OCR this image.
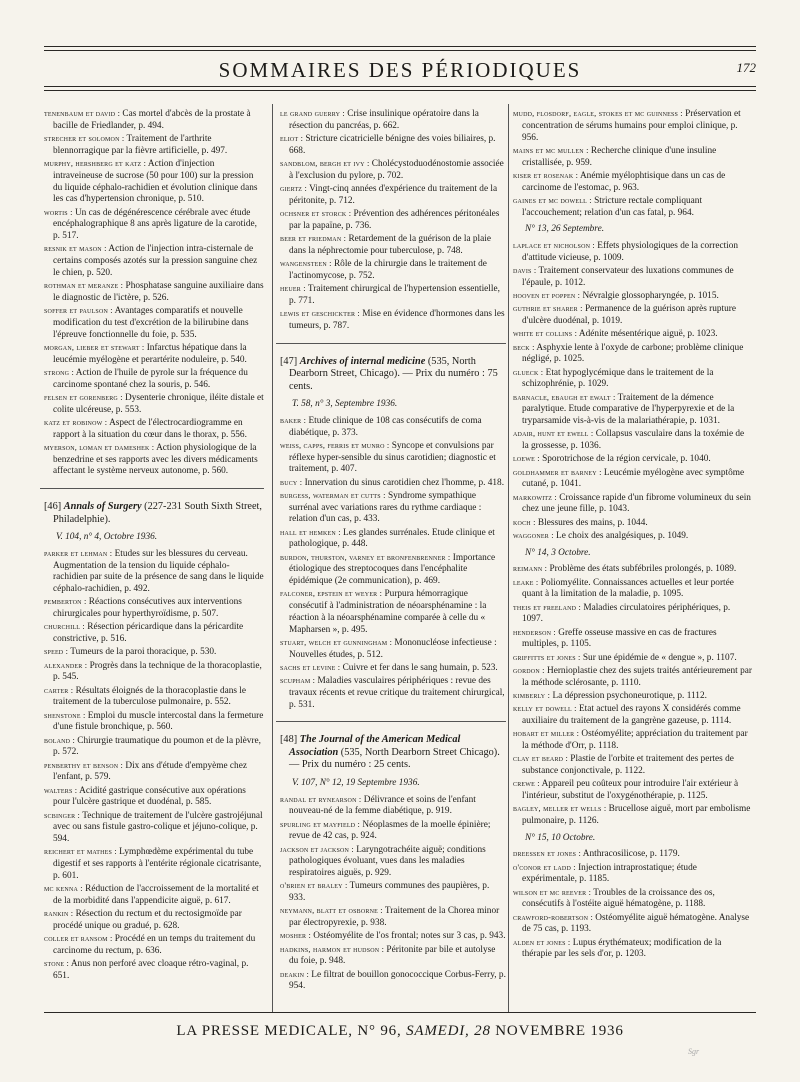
SOMMAIRES DES PÉRIODIQUES	172
tenenbaum et david : Cas mortel d'abcès de la prostate à bacille de Friedlander, p. 494.
strecher et solomon : Traitement de l'arthrite blennorragique par la fièvre artificielle, p. 497.
murphy, hershberg et katz : Action d'injection intraveineuse de sucrose (50 pour 100) sur la pression du liquide céphalo-rachidien et évolution clinique dans les cas d'hypertension chronique, p. 510.
wortis : Un cas de dégénérescence cérébrale avec étude encéphalographique 8 ans après ligature de la carotide, p. 517.
resnik et mason : Action de l'injection intra-cisternale de certains composés azotés sur la pression sanguine chez le chien, p. 520.
rothman et meranze : Phosphatase sanguine auxiliaire dans le diagnostic de l'ictère, p. 526.
soffer et paulson : Avantages comparatifs et nouvelle modification du test d'excrétion de la bilirubine dans l'épreuve fonctionnelle du foie, p. 535.
morgan, lieber et stewart : Infarctus hépatique dans la leucémie myélogène et perartérite noduleire, p. 540.
strong : Action de l'huile de pyrole sur la fréquence du carcinome spontané chez la souris, p. 546.
felsen et gorenberg : Dysenterie chronique, iléite distale et colite ulcéreuse, p. 553.
katz et robinow : Aspect de l'électrocardiogramme en rapport à la situation du cœur dans le thorax, p. 556.
myerson, loman et dameshek : Action physiologique de la benzedrine et ses rapports avec les divers médicaments affectant le système nerveux autonome, p. 560.
[46] Annals of Surgery (227-231 South Sixth Street, Philadelphie).
V. 104, n° 4, Octobre 1936.
parker et lehman : Etudes sur les blessures du cerveau. Augmentation de la tension du liquide céphalo-rachidien par suite de la présence de sang dans le liquide céphalo-rachidien, p. 492.
pemberton : Réactions consécutives aux interventions chirurgicales pour hyperthyroïdisme, p. 507.
churchill : Résection péricardique dans la péricardite constrictive, p. 516.
speed : Tumeurs de la paroi thoracique, p. 530.
alexander : Progrès dans la technique de la thoracoplastie, p. 545.
carter : Résultats éloignés de la thoracoplastie dans le traitement de la tuberculose pulmonaire, p. 552.
shenstone : Emploi du muscle intercostal dans la fermeture d'une fistule bronchique, p. 560.
boland : Chirurgie traumatique du poumon et de la plèvre, p. 572.
penberthy et benson : Dix ans d'étude d'empyème chez l'enfant, p. 579.
walters : Acidité gastrique consécutive aux opérations pour l'ulcère gastrique et duodénal, p. 585.
scbinger : Technique de traitement de l'ulcère gastrojéjunal avec ou sans fistule gastro-colique et jéjuno-colique, p. 594.
reichert et mathes : Lymphœdème expérimental du tube digestif et ses rapports à l'entérite régionale cicatrisante, p. 601.
mc kenna : Réduction de l'accroissement de la mortalité et de la morbidité dans l'appendicite aiguë, p. 617.
rankin : Résection du rectum et du rectosigmoïde par procédé unique ou gradué, p. 628.
coller et ransom : Procédé en un temps du traitement du carcinome du rectum, p. 636.
stone : Anus non perforé avec cloaque rétro-vaginal, p. 651.
le grand guerry : Crise insulinique opératoire dans la résection du pancréas, p. 662.
eliot : Stricture cicatricielle bénigne des voies biliaires, p. 668.
sandblom, bergh et ivy : Cholécystoduodénostomie associée à l'exclusion du pylore, p. 702.
giertz : Vingt-cinq années d'expérience du traitement de la péritonite, p. 712.
ochsner et storck : Prévention des adhérences péritonéales par la papaïne, p. 736.
beer et friedman : Retardement de la guérison de la plaie dans la néphrectomie pour tuberculose, p. 748.
wangensteen : Rôle de la chirurgie dans le traitement de l'actinomycose, p. 752.
heuer : Traitement chirurgical de l'hypertension essentielle, p. 771.
lewis et geschickter : Mise en évidence d'hormones dans les tumeurs, p. 787.
[47] Archives of internal medicine (535, North Dearborn Street, Chicago). — Prix du numéro : 75 cents.
T. 58, n° 3, Septembre 1936.
baker : Etude clinique de 108 cas consécutifs de coma diabétique, p. 373.
weiss, capps, ferris et munro : Syncope et convulsions par réflexe hyper-sensible du sinus carotidien; diagnostic et traitement, p. 407.
bucy : Innervation du sinus carotidien chez l'homme, p. 418.
burgess, waterman et cutts : Syndrome sympathique surrénal avec variations rares du rythme cardiaque : relation d'un cas, p. 433.
hall et hemken : Les glandes surrénales. Etude clinique et pathologique, p. 448.
burdon, thurston, varney et bronfenbrenner : Importance étiologique des streptocoques dans l'encéphalite épidémique (2e communication), p. 469.
falconer, epstein et weyer : Purpura hémorragique consécutif à l'administration de néoarsphénamine : la réaction à la néoarsphénamine comparée à celle du « Mapharsen », p. 495.
stuart, welch et gunningham : Mononucléose infectieuse : Nouvelles études, p. 512.
sachs et levine : Cuivre et fer dans le sang humain, p. 523.
scupham : Maladies vasculaires périphériques : revue des travaux récents et revue critique du traitement chirurgical, p. 531.
[48] The Journal of the American Medical Association (535, North Dearborn Street Chicago). — Prix du numéro : 25 cents.
V. 107, N° 12, 19 Septembre 1936.
randal et rynearson : Délivrance et soins de l'enfant nouveau-né de la femme diabétique, p. 919.
spurling et mayfield : Néoplasmes de la moelle épinière; revue de 42 cas, p. 924.
jackson et jackson : Laryngotrachéite aiguë; conditions pathologiques évoluant, vues dans les maladies respiratoires aiguës, p. 929.
o'brien et braley : Tumeurs communes des paupières, p. 933.
neymann, blatt et osborne : Traitement de la Chorea minor par électropyrexie, p. 938.
mosher : Ostéomyélite de l'os frontal; notes sur 3 cas, p. 943.
hadkins, harmon et hudson : Péritonite par bile et autolyse du foie, p. 948.
deakin : Le filtrat de bouillon gonococcique Corbus-Ferry, p. 954.
mudd, flosdorf, eagle, stokes et mc guinness : Préservation et concentration de sérums humains pour emploi clinique, p. 956.
mains et mc mullen : Recherche clinique d'une insuline cristallisée, p. 959.
kiser et rosenak : Anémie myélophtisique dans un cas de carcinome de l'estomac, p. 963.
gaines et mc dowell : Stricture rectale compliquant l'accouchement; relation d'un cas fatal, p. 964.
N° 13, 26 Septembre.
laplace et nicholson : Effets physiologiques de la correction d'attitude vicieuse, p. 1009.
davis : Traitement conservateur des luxations communes de l'épaule, p. 1012.
hooven et poppen : Névralgie glossopharyngée, p. 1015.
guthrie et sharer : Permanence de la guérison après rupture d'ulcère duodénal, p. 1019.
white et collins : Adénite mésentérique aiguë, p. 1023.
beck : Asphyxie lente à l'oxyde de carbone; problème clinique négligé, p. 1025.
glueck : Etat hypoglycémique dans le traitement de la schizophrénie, p. 1029.
barnacle, ebaugh et ewalt : Traitement de la démence paralytique. Etude comparative de l'hyperpyrexie et de la tryparsamide vis-à-vis de la malariathérapie, p. 1031.
adair, hunt et ewell : Collapsus vasculaire dans la toxémie de la grossesse, p. 1036.
loewe : Sporotrichose de la région cervicale, p. 1040.
goldhammer et barney : Leucémie myélogène avec symptôme cutané, p. 1041.
markowitz : Croissance rapide d'un fibrome volumineux du sein chez une jeune fille, p. 1043.
koch : Blessures des mains, p. 1044.
waggoner : Le choix des analgésiques, p. 1049.
N° 14, 3 Octobre.
reimann : Problème des états subfébriles prolongés, p. 1089.
leake : Poliomyélite. Connaissances actuelles et leur portée quant à la limitation de la maladie, p. 1095.
theis et freeland : Maladies circulatoires périphériques, p. 1097.
henderson : Greffe osseuse massive en cas de fractures multiples, p. 1105.
griffitts et jones : Sur une épidémie de « dengue », p. 1107.
gordon : Hernioplastie chez des sujets traités antérieurement par la méthode sclérosante, p. 1110.
kimberly : La dépression psychoneurotique, p. 1112.
kelly et dowell : Etat actuel des rayons X considérés comme auxiliaire du traitement de la gangrène gazeuse, p. 1114.
hobart et miller : Ostéomyélite; appréciation du traitement par la méthode d'Orr, p. 1118.
clay et beard : Plastie de l'orbite et traitement des pertes de substance conjonctivale, p. 1122.
crewe : Appareil peu coûteux pour introduire l'air extérieur à l'intérieur, substitut de l'oxygénothérapie, p. 1125.
bagley, meller et wells : Brucellose aiguë, mort par embolisme pulmonaire, p. 1126.
N° 15, 10 Octobre.
dreessen et jones : Anthracosilicose, p. 1179.
o'conor et ladd : Injection intraprostatique; étude expérimentale, p. 1185.
wilson et mc reever : Troubles de la croissance des os, consécutifs à l'ostéite aiguë hématogène, p. 1188.
crawford-robertson : Ostéomyélite aiguë hématogène. Analyse de 75 cas, p. 1193.
alden et jones : Lupus érythémateux; modification de la thérapie par les sels d'or, p. 1203.
LA PRESSE MEDICALE, N° 96, SAMEDI, 28 NOVEMBRE 1936
Sgr
